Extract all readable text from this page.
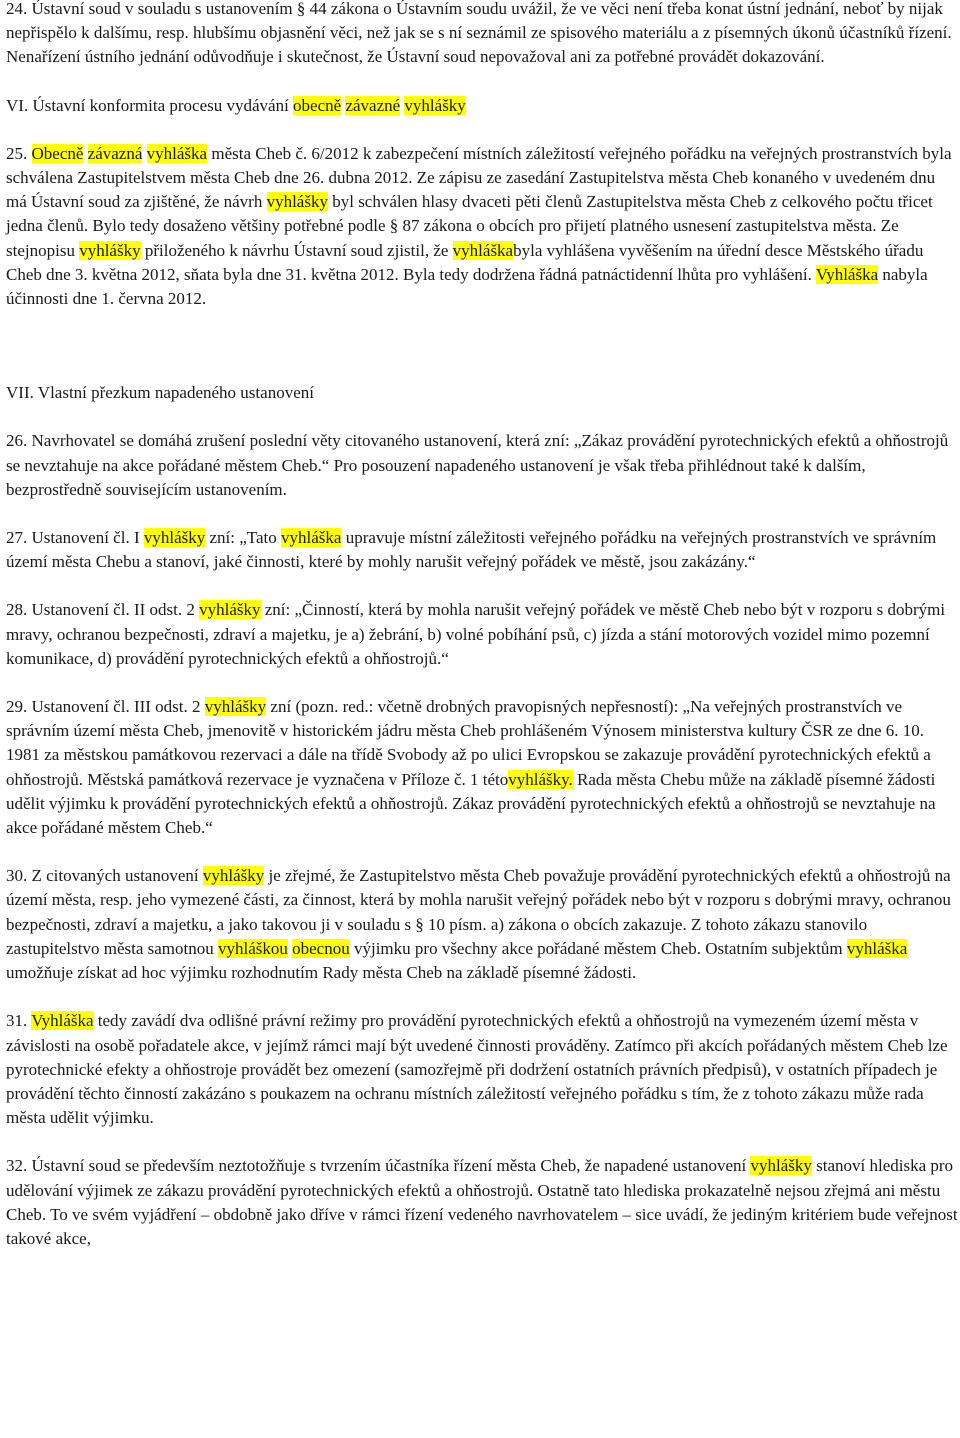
24. Ústavní soud v souladu s ustanovením § 44 zákona o Ústavním soudu uvážil, že ve věci není třeba konat ústní jednání, neboť by nijak nepřispělo k dalšímu, resp. hlubšímu objasnění věci, než jak se s ní seznámil ze spisového materiálu a z písemných úkonů účastníků řízení. Nenařízení ústního jednání odůvodňuje i skutečnost, že Ústavní soud nepovažoval ani za potřebné provádět dokazování.

VI. Ústavní konformita procesu vydávání obecně závazné vyhlášky

25. Obecně závazná vyhláška města Cheb č. 6/2012 k zabezpečení místních záležitostí veřejného pořádku na veřejných prostranstvích byla schválena Zastupitelstvem města Cheb dne 26. dubna 2012. Ze zápisu ze zasedání Zastupitelstva města Cheb konaného v uvedeném dnu má Ústavní soud za zjištěné, že návrh vyhlášky byl schválen hlasy dvaceti pěti členů Zastupitelstva města Cheb z celkového počtu třicet jedna členů. Bylo tedy dosaženo většiny potřebné podle § 87 zákona o obcích pro přijetí platného usnesení zastupitelstva města. Ze stejnopisu vyhlášky přiloženého k návrhu Ústavní soud zjistil, že vyhláškabyla vyhlášena vyvěšením na úřední desce Městského úřadu Cheb dne 3. května 2012, sňata byla dne 31. května 2012. Byla tedy dodržena řádná patnáctidenní lhůta pro vyhlášení. Vyhláška nabyla účinnosti dne 1. června 2012.

VII. Vlastní přezkum napadeného ustanovení

26. Navrhovatel se domáhá zrušení poslední věty citovaného ustanovení, která zní: „Zákaz provádění pyrotechnických efektů a ohňostrojů se nevztahuje na akce pořádané městem Cheb.“ Pro posouzení napadeného ustanovení je však třeba přihlédnout také k dalším, bezprostředně souvisejícím ustanovením.

27. Ustanovení čl. I vyhlášky zní: „Tato vyhláška upravuje místní záležitosti veřejného pořádku na veřejných prostranstvích ve správním území města Chebu a stanoví, jaké činnosti, které by mohly narušit veřejný pořádek ve městě, jsou zakázány.“

28. Ustanovení čl. II odst. 2 vyhlášky zní: „Činností, která by mohla narušit veřejný pořádek ve městě Cheb nebo být v rozporu s dobrými mravy, ochranou bezpečnosti, zdraví a majetku, je a) žebrání, b) volné pobíhání psů, c) jízda a stání motorových vozidel mimo pozemní komunikace, d) provádění pyrotechnických efektů a ohňostrojů.“

29. Ustanovení čl. III odst. 2 vyhlášky zní (pozn. red.: včetně drobných pravopisných nepřesností): „Na veřejných prostranstvích ve správním území města Cheb, jmenovitě v historickém jádru města Cheb prohlášeném Výnosem ministerstva kultury ČSR ze dne 6. 10. 1981 za městskou památkovou rezervaci a dále na třídě Svobody až po ulici Evropskou se zakazuje provádění pyrotechnických efektů a ohňostrojů. Městská památková rezervace je vyznačena v Příloze č. 1 tétovyhlášky. Rada města Chebu může na základě písemné žádosti udělit výjimku k provádění pyrotechnických efektů a ohňostrojů. Zákaz provádění pyrotechnických efektů a ohňostrojů se nevztahuje na akce pořádané městem Cheb.“

30. Z citovaných ustanovení vyhlášky je zřejmé, že Zastupitelstvo města Cheb považuje provádění pyrotechnických efektů a ohňostrojů na území města, resp. jeho vymezené části, za činnost, která by mohla narušit veřejný pořádek nebo být v rozporu s dobrými mravy, ochranou bezpečnosti, zdraví a majetku, a jako takovou ji v souladu s § 10 písm. a) zákona o obcích zakazuje. Z tohoto zákazu stanovilo zastupitelstvo města samotnou vyhláškou obecnou výjimku pro všechny akce pořádané městem Cheb. Ostatním subjektům vyhláška umožňuje získat ad hoc výjimku rozhodnutím Rady města Cheb na základě písemné žádosti.

31. Vyhláška tedy zavádí dva odlišné právní režimy pro provádění pyrotechnických efektů a ohňostrojů na vymezeném území města v závislosti na osobě pořadatele akce, v jejímž rámci mají být uvedené činnosti prováděny. Zatímco při akcích pořádaných městem Cheb lze pyrotechnické efekty a ohňostroje provádět bez omezení (samozřejmě při dodržení ostatních právních předpisů), v ostatních případech je provádění těchto činností zakázáno s poukazem na ochranu místních záležitostí veřejného pořádku s tím, že z tohoto zákazu může rada města udělit výjimku.

32. Ústavní soud se především neztotožňuje s tvrzením účastníka řízení města Cheb, že napadené ustanovení vyhlášky stanoví hlediska pro udělování výjimek ze zákazu provádění pyrotechnických efektů a ohňostrojů. Ostatně tato hlediska prokazatelně nejsou zřejmá ani městu Cheb. To ve svém vyjádření – obdobně jako dříve v rámci řízení vedeného navrhovatelem – sice uvádí, že jediným kritériem bude veřejnost takové akce,
